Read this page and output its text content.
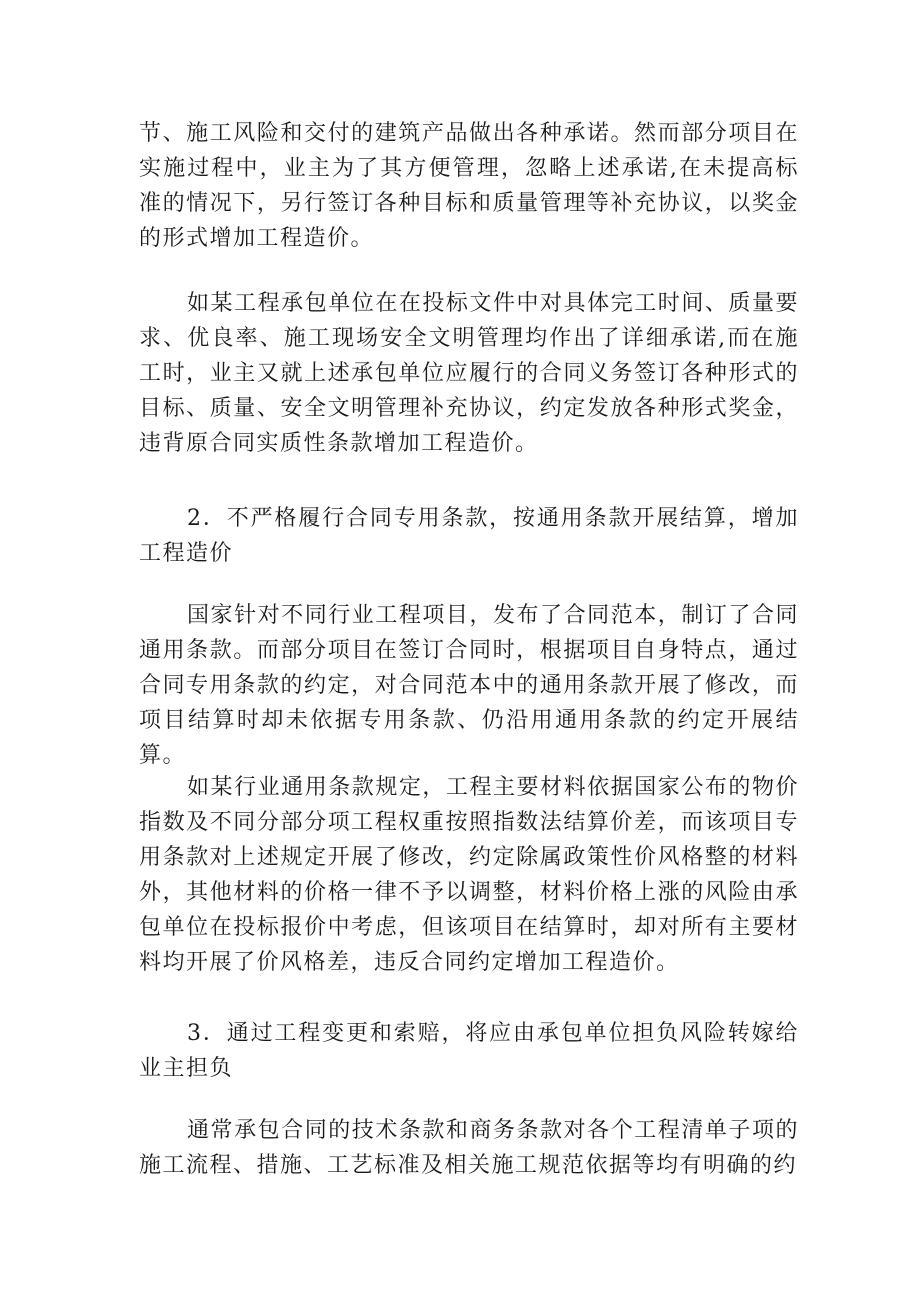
节、施工风险和交付的建筑产品做出各种承诺。然而部分项目在实施过程中，业主为了其方便管理，忽略上述承诺,在未提高标准的情况下，另行签订各种目标和质量管理等补充协议，以奖金的形式增加工程造价。

如某工程承包单位在在投标文件中对具体完工时间、质量要求、优良率、施工现场安全文明管理均作出了详细承诺,而在施工时，业主又就上述承包单位应履行的合同义务签订各种形式的目标、质量、安全文明管理补充协议，约定发放各种形式奖金，违背原合同实质性条款增加工程造价。

2．不严格履行合同专用条款，按通用条款开展结算，增加工程造价

国家针对不同行业工程项目，发布了合同范本，制订了合同通用条款。而部分项目在签订合同时，根据项目自身特点，通过合同专用条款的约定，对合同范本中的通用条款开展了修改，而项目结算时却未依据专用条款、仍沿用通用条款的约定开展结算。

如某行业通用条款规定，工程主要材料依据国家公布的物价指数及不同分部分项工程权重按照指数法结算价差，而该项目专用条款对上述规定开展了修改，约定除属政策性价风格整的材料外，其他材料的价格一律不予以调整，材料价格上涨的风险由承包单位在投标报价中考虑，但该项目在结算时，却对所有主要材料均开展了价风格差，违反合同约定增加工程造价。

3．通过工程变更和索赔，将应由承包单位担负风险转嫁给业主担负

通常承包合同的技术条款和商务条款对各个工程清单子项的施工流程、措施、工艺标准及相关施工规范依据等均有明确的约
